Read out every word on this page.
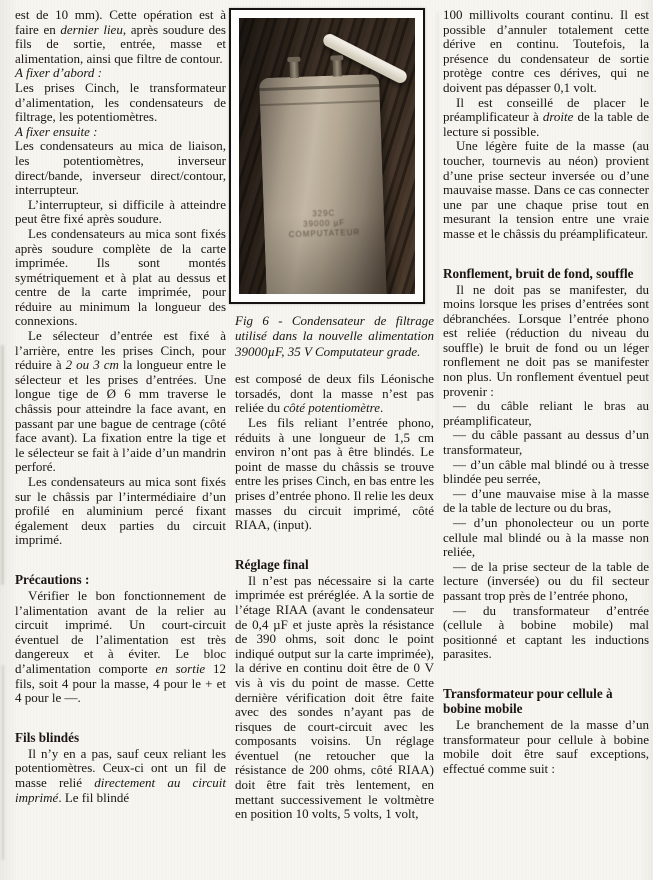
est de 10 mm). Cette opération est à faire en dernier lieu, après soudure des fils de sortie, entrée, masse et alimentation, ainsi que filtre de contour.

A fixer d’abord :

Les prises Cinch, le transformateur d’alimentation, les condensateurs de filtrage, les potentiomètres.

A fixer ensuite :

Les condensateurs au mica de liaison, les potentiomètres, inverseur direct/bande, inverseur direct/contour, interrupteur.

L’interrupteur, si difficile à atteindre peut être fixé après soudure.

Les condensateurs au mica sont fixés après soudure complète de la carte imprimée. Ils sont montés symétriquement et à plat au dessus et centre de la carte imprimée, pour réduire au minimum la longueur des connexions.

Le sélecteur d’entrée est fixé à l’arrière, entre les prises Cinch, pour réduire à 2 ou 3 cm la longueur entre le sélecteur et les prises d’entrées. Une longue tige de Ø 6 mm traverse le châssis pour atteindre la face avant, en passant par une bague de centrage (côté face avant). La fixation entre la tige et le sélecteur se fait à l’aide d’un mandrin perforé.

Les condensateurs au mica sont fixés sur le châssis par l’intermédiaire d’un profilé en aluminium percé fixant également deux parties du circuit imprimé.

Précautions :

Vérifier le bon fonctionnement de l’alimentation avant de la relier au circuit imprimé. Un court-circuit éventuel de l’alimentation est très dangereux et à éviter. Le bloc d’alimentation comporte en sortie 12 fils, soit 4 pour la masse, 4 pour le + et 4 pour le —.

Fils blindés

Il n’y en a pas, sauf ceux reliant les potentiomètres. Ceux-ci ont un fil de masse relié directement au circuit imprimé. Le fil blindé

329C
39000 µF
COMPUTATEUR

Fig 6 - Condensateur de filtrage utilisé dans la nouvelle alimentation 39000µF, 35 V Computateur grade.

est composé de deux fils Léonische torsadés, dont la masse n’est pas reliée du côté potentiomètre.

Les fils reliant l’entrée phono, réduits à une longueur de 1,5 cm environ n’ont pas à être blindés. Le point de masse du châssis se trouve entre les prises Cinch, en bas entre les prises d’entrée phono. Il relie les deux masses du circuit imprimé, côté RIAA, (input).

Réglage final

Il n’est pas nécessaire si la carte imprimée est préréglée. A la sortie de l’étage RIAA (avant le condensateur de 0,4 µF et juste après la résistance de 390 ohms, soit donc le point indiqué output sur la carte imprimée), la dérive en continu doit être de 0 V vis à vis du point de masse. Cette dernière vérification doit être faite avec des sondes n’ayant pas de risques de court-circuit avec les composants voisins. Un réglage éventuel (ne retoucher que la résistance de 200 ohms, côté RIAA) doit être fait très lentement, en mettant successivement le voltmètre en position 10 volts, 5 volts, 1 volt,

100 millivolts courant continu. Il est possible d’annuler totalement cette dérive en continu. Toutefois, la présence du condensateur de sortie protège contre ces dérives, qui ne doivent pas dépasser 0,1 volt.

Il est conseillé de placer le préamplificateur à droite de la table de lecture si possible.

Une légère fuite de la masse (au toucher, tournevis au néon) provient d’une prise secteur inversée ou d’une mauvaise masse. Dans ce cas connecter une par une chaque prise tout en mesurant la tension entre une vraie masse et le châssis du préamplificateur.

Ronflement, bruit de fond, souffle

Il ne doit pas se manifester, du moins lorsque les prises d’entrées sont débranchées. Lorsque l’entrée phono est reliée (réduction du niveau du souffle) le bruit de fond ou un léger ronflement ne doit pas se manifester non plus. Un ronflement éventuel peut provenir :

— du câble reliant le bras au préamplificateur,

— du câble passant au dessus d’un transformateur,

— d’un câble mal blindé ou à tresse blindée peu serrée,

— d’une mauvaise mise à la masse de la table de lecture ou du bras,

— d’un phonolecteur ou un porte cellule mal blindé ou à la masse non reliée,

— de la prise secteur de la table de lecture (inversée) ou du fil secteur passant trop près de l’entrée phono,

— du transformateur d’entrée (cellule à bobine mobile) mal positionné et captant les inductions parasites.

Transformateur pour cellule à bobine mobile

Le branchement de la masse d’un transformateur pour cellule à bobine mobile doit être sauf exceptions, effectué comme suit :
